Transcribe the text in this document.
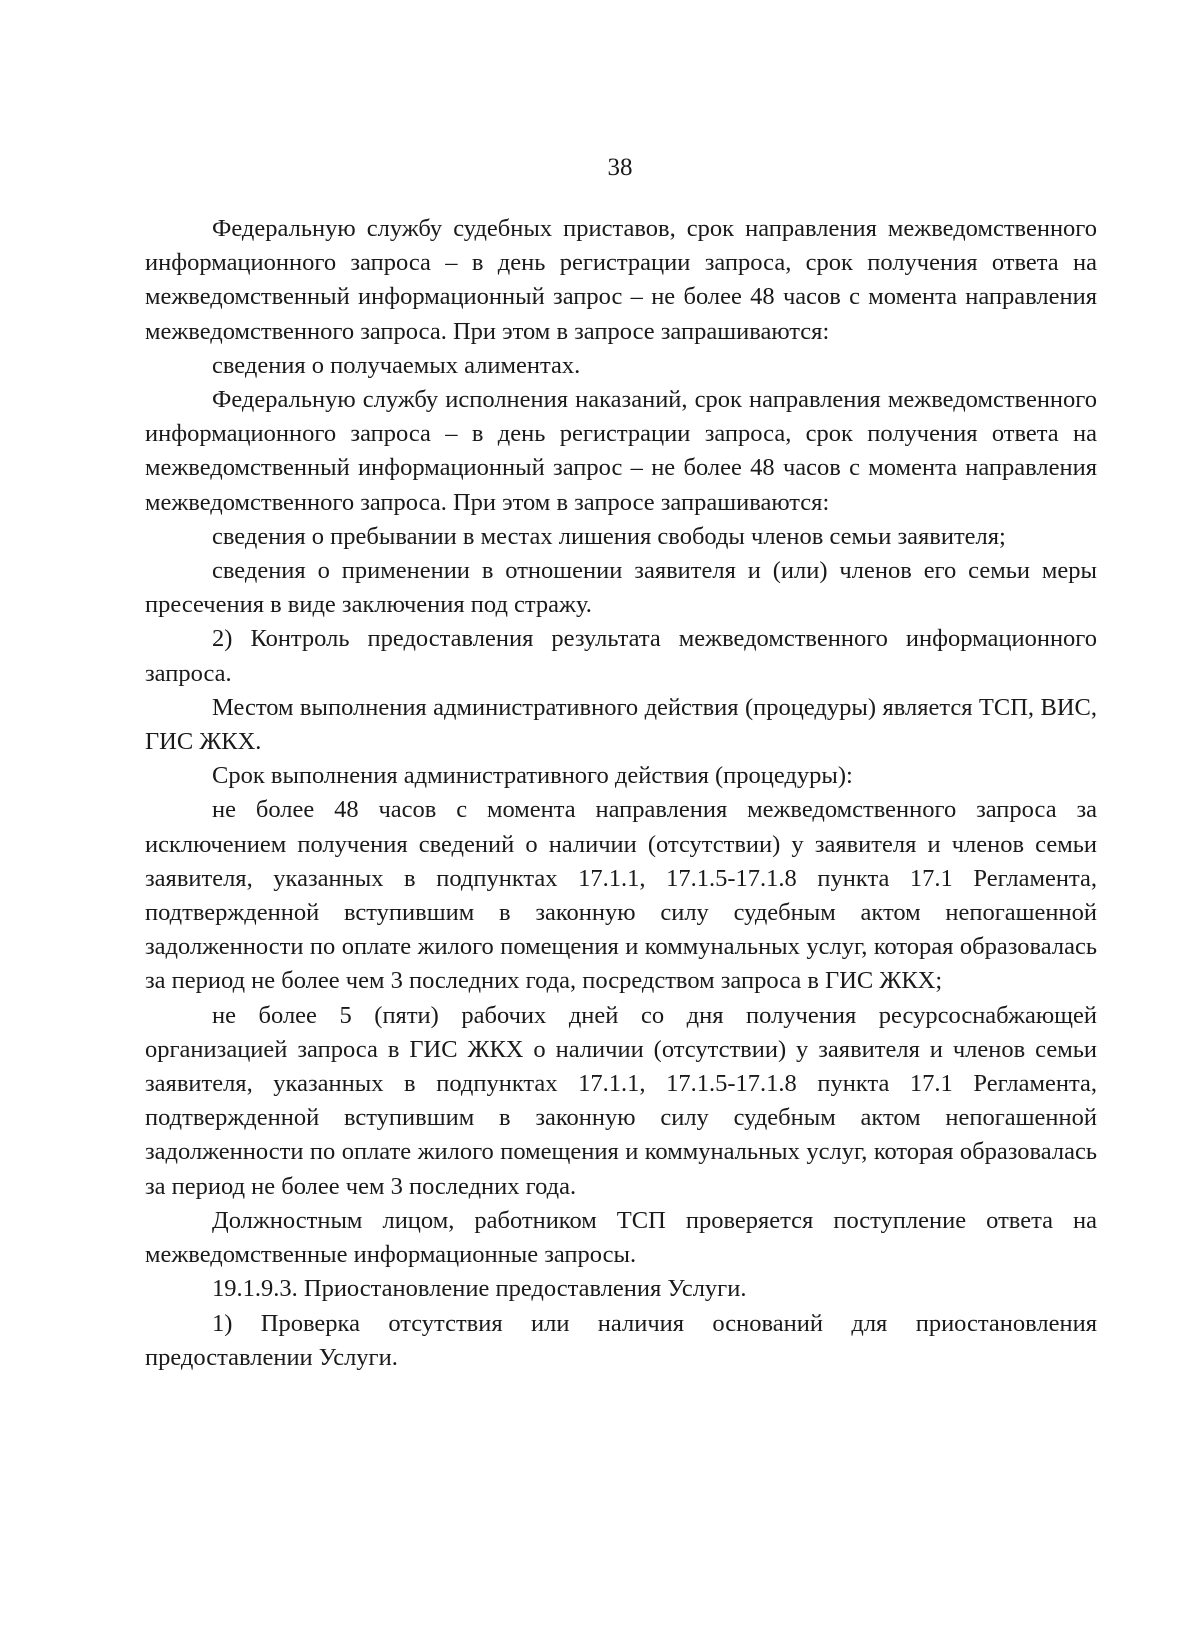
38

Федеральную службу судебных приставов, срок направления межведомственного информационного запроса – в день регистрации запроса, срок получения ответа на межведомственный информационный запрос – не более 48 часов с момента направления межведомственного запроса. При этом в запросе запрашиваются:

сведения о получаемых алиментах.

Федеральную службу исполнения наказаний, срок направления межведомственного информационного запроса – в день регистрации запроса, срок получения ответа на межведомственный информационный запрос – не более 48 часов с момента направления межведомственного запроса. При этом в запросе запрашиваются:

сведения о пребывании в местах лишения свободы членов семьи заявителя;

сведения о применении в отношении заявителя и (или) членов его семьи меры пресечения в виде заключения под стражу.

2) Контроль предоставления результата межведомственного информационного запроса.

Местом выполнения административного действия (процедуры) является ТСП, ВИС, ГИС ЖКХ.

Срок выполнения административного действия (процедуры):

не более 48 часов с момента направления межведомственного запроса за исключением получения сведений о наличии (отсутствии) у заявителя и членов семьи заявителя, указанных в подпунктах 17.1.1, 17.1.5-17.1.8 пункта 17.1 Регламента, подтвержденной вступившим в законную силу судебным актом непогашенной задолженности по оплате жилого помещения и коммунальных услуг, которая образовалась за период не более чем 3 последних года, посредством запроса в ГИС ЖКХ;

не более 5 (пяти) рабочих дней со дня получения ресурсоснабжающей организацией запроса в ГИС ЖКХ о наличии (отсутствии) у заявителя и членов семьи заявителя, указанных в подпунктах 17.1.1, 17.1.5-17.1.8 пункта 17.1 Регламента, подтвержденной вступившим в законную силу судебным актом непогашенной задолженности по оплате жилого помещения и коммунальных услуг, которая образовалась за период не более чем 3 последних года.

Должностным лицом, работником ТСП проверяется поступление ответа на межведомственные информационные запросы.

19.1.9.3. Приостановление предоставления Услуги.

1) Проверка отсутствия или наличия оснований для приостановления предоставлении Услуги.
